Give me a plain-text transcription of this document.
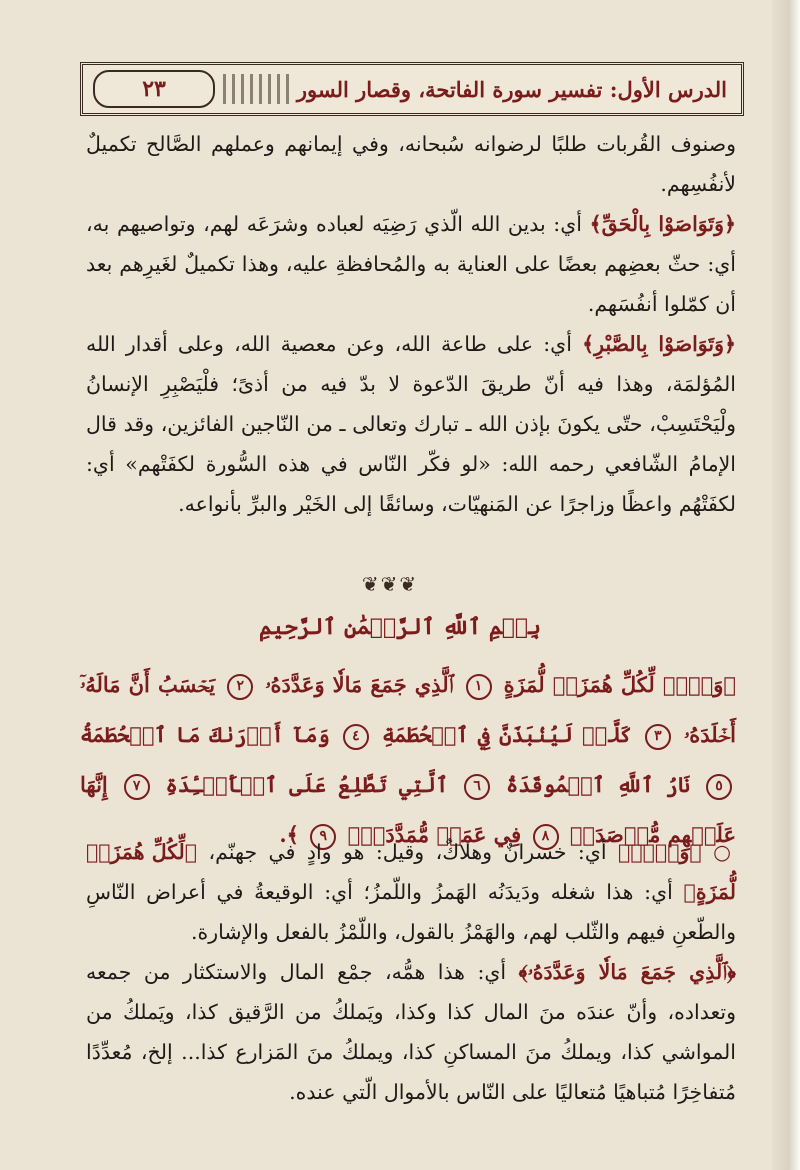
الدرس الأول: تفسير سورة الفاتحة، وقصار السور
٢٣

وصنوف القُربات طلبًا لرضوانه سُبحانه، وفي إيمانهم وعملهم الصَّالح تكميلٌ لأنفُسِهم.

﴿وَتَوَاصَوْا بِالْحَقِّ﴾ أي: بدين الله الّذي رَضِيَه لعباده وشرَعَه لهم، وتواصيهم به، أي: حثّ بعضِهم بعضًا على العناية به والمُحافظةِ عليه، وهذا تكميلٌ لغَيرِهم بعد أن كمّلوا أنفُسَهم.

﴿وَتَوَاصَوْا بِالصَّبْرِ﴾ أي: على طاعة الله، وعن معصية الله، وعلى أقدار الله المُؤلمَة، وهذا فيه أنّ طريقَ الدّعوة لا بدّ فيه من أذىً؛ فلْيَصْبِرِ الإنسانُ ولْيَحْتَسِبْ، حتّى يكونَ بإذن الله ـ تبارك وتعالى ـ من النّاجين الفائزين، وقد قال الإمامُ الشّافعي رحمه الله: «لو فكّر النّاس في هذه السُّورة لكفَتْهم» أي: لكفَتْهُم واعظًا وزاجرًا عن المَنهيّات، وسائقًا إلى الخَيْر والبرِّ بأنواعه.

❦❦❦
بِسۡمِ ٱللَّهِ ٱلرَّحۡمَٰنِ ٱلرَّحِيمِ
﴿وَيۡلٞ لِّكُلِّ هُمَزَةٖ لُّمَزَةٍ ١ ٱلَّذِي جَمَعَ مَالٗا وَعَدَّدَهُۥ ٢ يَحۡسَبُ أَنَّ مَالَهُۥٓ أَخۡلَدَهُۥ ٣ كَلَّاۖ لَيُنۢبَذَنَّ فِي ٱلۡحُطَمَةِ ٤ وَمَآ أَدۡرَىٰكَ مَا ٱلۡحُطَمَةُ ٥ نَارُ ٱللَّهِ ٱلۡمُوقَدَةُ ٦ ٱلَّتِي تَطَّلِعُ عَلَى ٱلۡأَفۡـِٔدَةِ ٧ إِنَّهَا عَلَيۡهِم مُّؤۡصَدَةٞ ٨ فِي عَمَدٖ مُّمَدَّدَةِۭ ٩ ﴾.

○ ﴿وَيۡلٞ﴾ أي: خسرانٌ وهلاكٌ، وقيل: هو وادٍ في جهنّم، ﴿لِّكُلِّ هُمَزَةٖ لُّمَزَةٍ﴾ أي: هذا شغله ودَيدَنُه الهَمزُ واللّمزُ؛ أي: الوقيعةُ في أعراض النّاسِ والطّعنِ فيهم والثّلب لهم، والهَمْزُ بالقول، واللّمْزُ بالفعل والإشارة.

﴿ٱلَّذِي جَمَعَ مَالٗا وَعَدَّدَهُۥ﴾ أي: هذا همُّه، جمْع المال والاستكثار من جمعه وتعداده، وأنّ عندَه منَ المال كذا وكذا، ويَملكُ من الرَّقيق كذا، ويَملكُ من المواشي كذا، ويملكُ منَ المساكنِ كذا، ويملكُ منَ المَزارع كذا... إلخ، مُعدِّدًا مُتفاخِرًا مُتباهيًا مُتعاليًا على النّاس بالأموال الّتي عنده.
